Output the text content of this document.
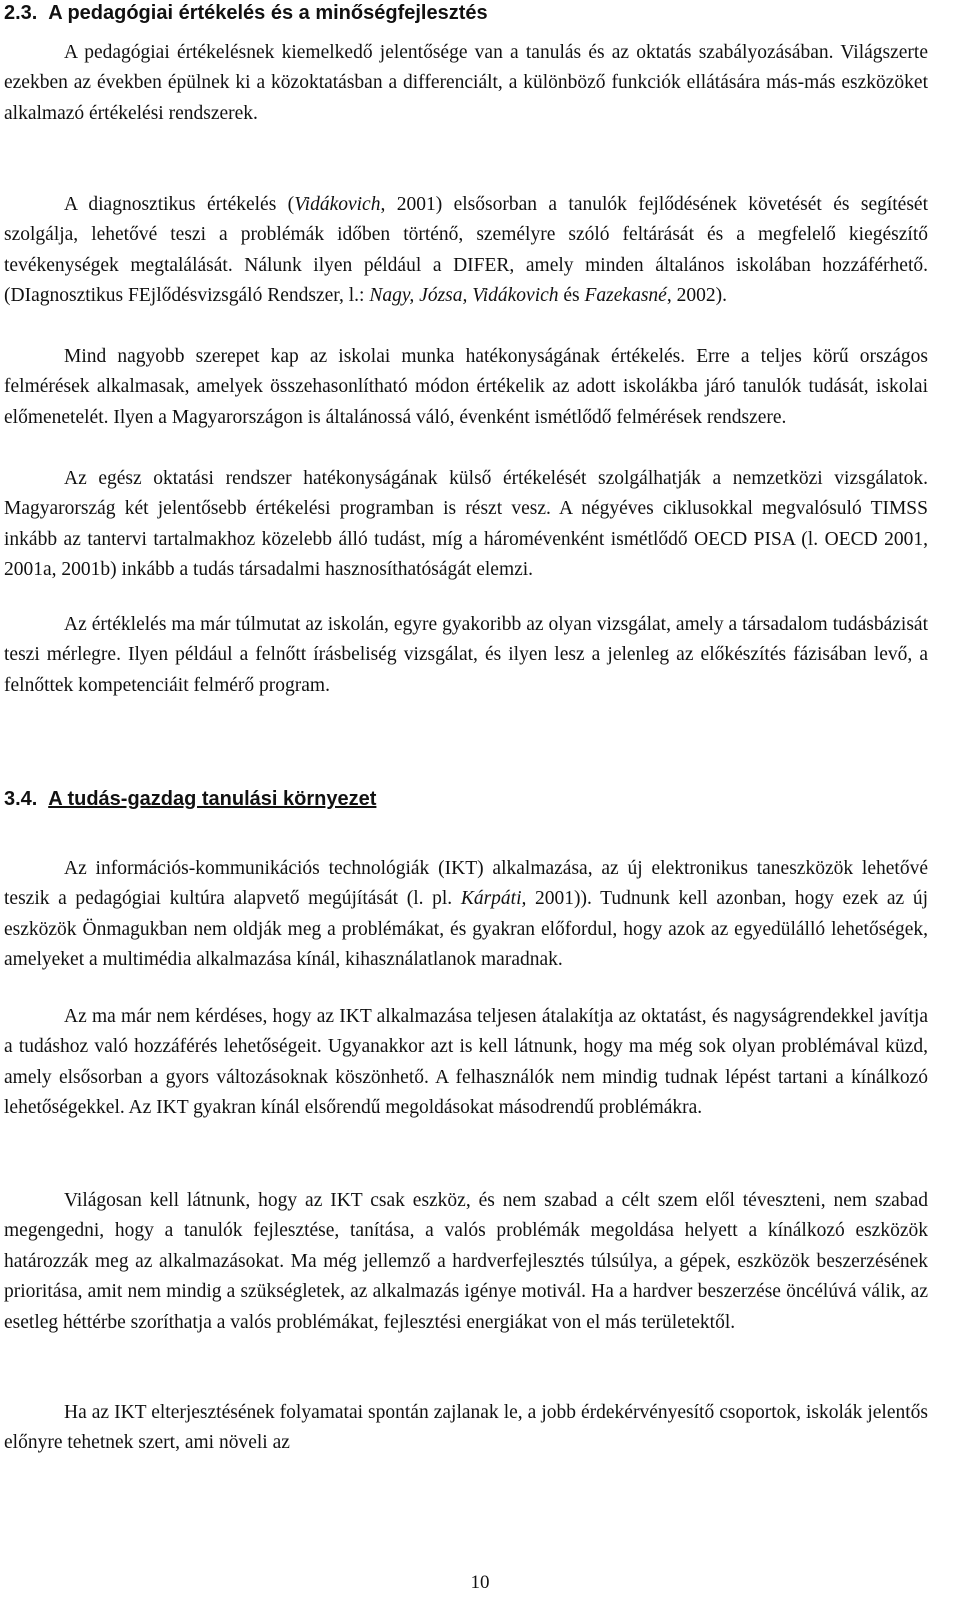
2.3. A pedagógiai értékelés és a minőségfejlesztés

A pedagógiai értékelésnek kiemelkedő jelentősége van a tanulás és az oktatás szabályozásában. Világszerte ezekben az években épülnek ki a közoktatásban a differenciált, a különböző funkciók ellátására más-más eszközöket alkalmazó értékelési rendszerek.

A diagnosztikus értékelés (Vidákovich, 2001) elsősorban a tanulók fejlődésének követését és segítését szolgálja, lehetővé teszi a problémák időben történő, személyre szóló feltárását és a megfelelő kiegészítő tevékenységek megtalálását. Nálunk ilyen például a DIFER, amely minden általános iskolában hozzáférhető. (DIagnosztikus FEjlődésvizsgáló Rendszer, l.: Nagy, Józsa, Vidákovich és Fazekasné, 2002).

Mind nagyobb szerepet kap az iskolai munka hatékonyságának értékelés. Erre a teljes körű országos felmérések alkalmasak, amelyek összehasonlítható módon értékelik az adott iskolákba járó tanulók tudását, iskolai előmenetelét. Ilyen a Magyarországon is általánossá váló, évenként ismétlődő felmérések rendszere.

Az egész oktatási rendszer hatékonyságának külső értékelését szolgálhatják a nemzetközi vizsgálatok. Magyarország két jelentősebb értékelési programban is részt vesz. A négyéves ciklusokkal megvalósuló TIMSS inkább az tantervi tartalmakhoz közelebb álló tudást, míg a háromévenként ismétlődő OECD PISA (l. OECD 2001, 2001a, 2001b) inkább a tudás társadalmi hasznosíthatóságát elemzi.

Az értéklelés ma már túlmutat az iskolán, egyre gyakoribb az olyan vizsgálat, amely a társadalom tudásbázisát teszi mérlegre. Ilyen például a felnőtt írásbeliség vizsgálat, és ilyen lesz a jelenleg az előkészítés fázisában levő, a felnőttek kompetenciáit felmérő program.

3.4. A tudás-gazdag tanulási környezet

Az információs-kommunikációs technológiák (IKT) alkalmazása, az új elektronikus taneszközök lehetővé teszik a pedagógiai kultúra alapvető megújítását (l. pl. Kárpáti, 2001)). Tudnunk kell azonban, hogy ezek az új eszközök Önmagukban nem oldják meg a problémákat, és gyakran előfordul, hogy azok az egyedülálló lehetőségek, amelyeket a multimédia alkalmazása kínál, kihasználatlanok maradnak.

Az ma már nem kérdéses, hogy az IKT alkalmazása teljesen átalakítja az oktatást, és nagyságrendekkel javítja a tudáshoz való hozzáférés lehetőségeit. Ugyanakkor azt is kell látnunk, hogy ma még sok olyan problémával küzd, amely elsősorban a gyors változásoknak köszönhető. A felhasználók nem mindig tudnak lépést tartani a kínálkozó lehetőségekkel. Az IKT gyakran kínál elsőrendű megoldásokat másodrendű problémákra.

Világosan kell látnunk, hogy az IKT csak eszköz, és nem szabad a célt szem elől téveszteni, nem szabad megengedni, hogy a tanulók fejlesztése, tanítása, a valós problémák megoldása helyett a kínálkozó eszközök határozzák meg az alkalmazásokat. Ma még jellemző a hardverfejlesztés túlsúlya, a gépek, eszközök beszerzésének prioritása, amit nem mindig a szükségletek, az alkalmazás igénye motivál. Ha a hardver beszerzése öncélúvá válik, az esetleg héttérbe szoríthatja a valós problémákat, fejlesztési energiákat von el más területektől.

Ha az IKT elterjesztésének folyamatai spontán zajlanak le, a jobb érdekérvényesítő csoportok, iskolák jelentős előnyre tehetnek szert, ami növeli az

10
